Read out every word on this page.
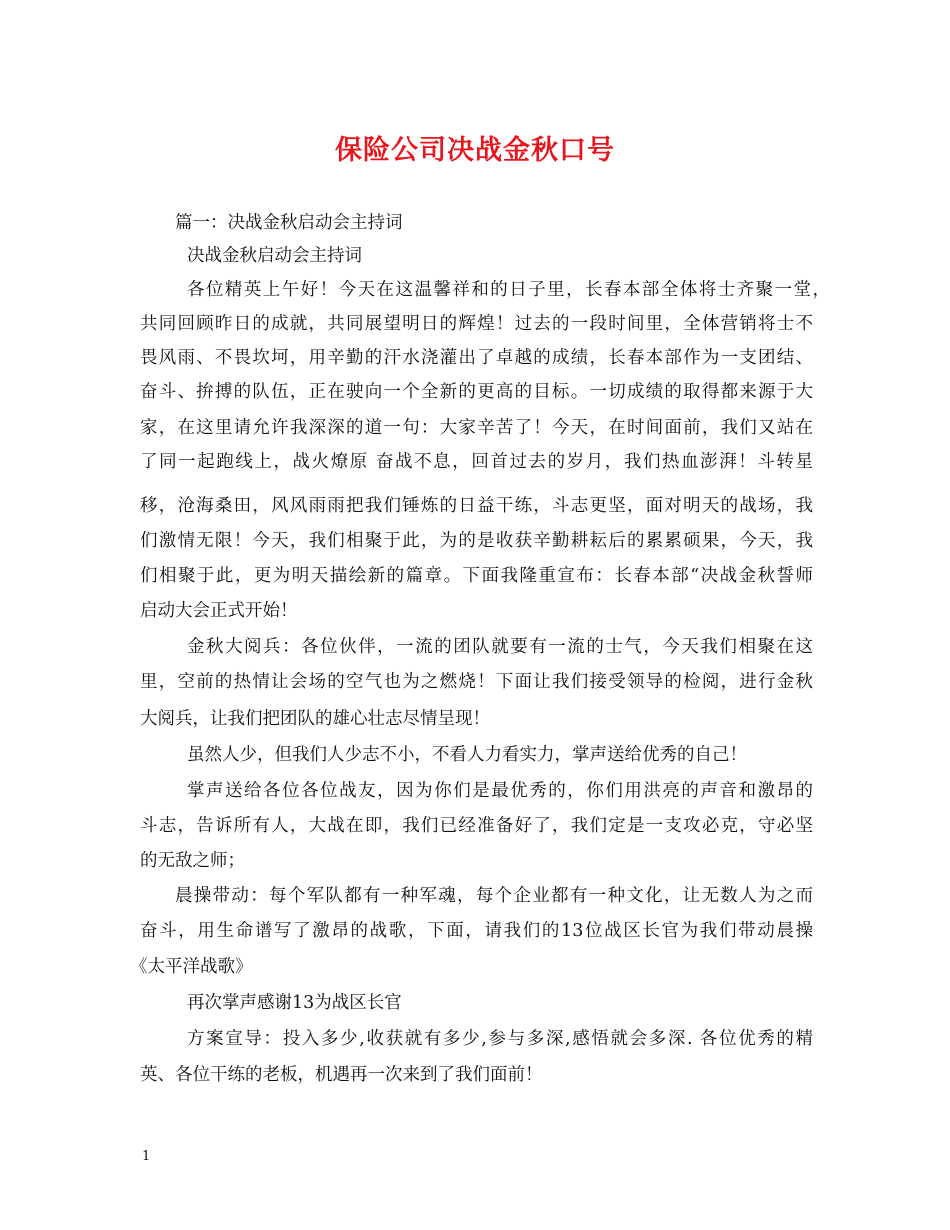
保险公司决战金秋口号

篇一：决战金秋启动会主持词

决战金秋启动会主持词

各位精英上午好！今天在这温馨祥和的日子里，长春本部全体将士齐聚一堂，

共同回顾昨日的成就，共同展望明日的辉煌！过去的一段时间里，全体营销将士不

畏风雨、不畏坎坷，用辛勤的汗水浇灌出了卓越的成绩，长春本部作为一支团结、

奋斗、拚搏的队伍，正在驶向一个全新的更高的目标。一切成绩的取得都来源于大

家，在这里请允许我深深的道一句：大家辛苦了！今天，在时间面前，我们又站在

了同一起跑线上，战火燎原 奋战不息，回首过去的岁月，我们热血澎湃！斗转星

移，沧海桑田，风风雨雨把我们锤炼的日益干练，斗志更坚，面对明天的战场，我

们激情无限！今天，我们相聚于此，为的是收获辛勤耕耘后的累累硕果，今天，我

们相聚于此，更为明天描绘新的篇章。下面我隆重宣布：长春本部“决战金秋誓师

启动大会正式开始！

金秋大阅兵：各位伙伴，一流的团队就要有一流的士气，今天我们相聚在这

里，空前的热情让会场的空气也为之燃烧！下面让我们接受领导的检阅，进行金秋

大阅兵，让我们把团队的雄心壮志尽情呈现！

虽然人少，但我们人少志不小，不看人力看实力，掌声送给优秀的自己！

掌声送给各位各位战友，因为你们是最优秀的，你们用洪亮的声音和激昂的

斗志，告诉所有人，大战在即，我们已经准备好了，我们定是一支攻必克，守必坚

的无敌之师；

晨操带动：每个军队都有一种军魂，每个企业都有一种文化，让无数人为之而

奋斗，用生命谱写了激昂的战歌，下面，请我们的13位战区长官为我们带动晨操

《太平洋战歌》

再次掌声感谢13为战区长官

方案宣导：投入多少,收获就有多少,参与多深,感悟就会多深. 各位优秀的精

英、各位干练的老板，机遇再一次来到了我们面前！

1
